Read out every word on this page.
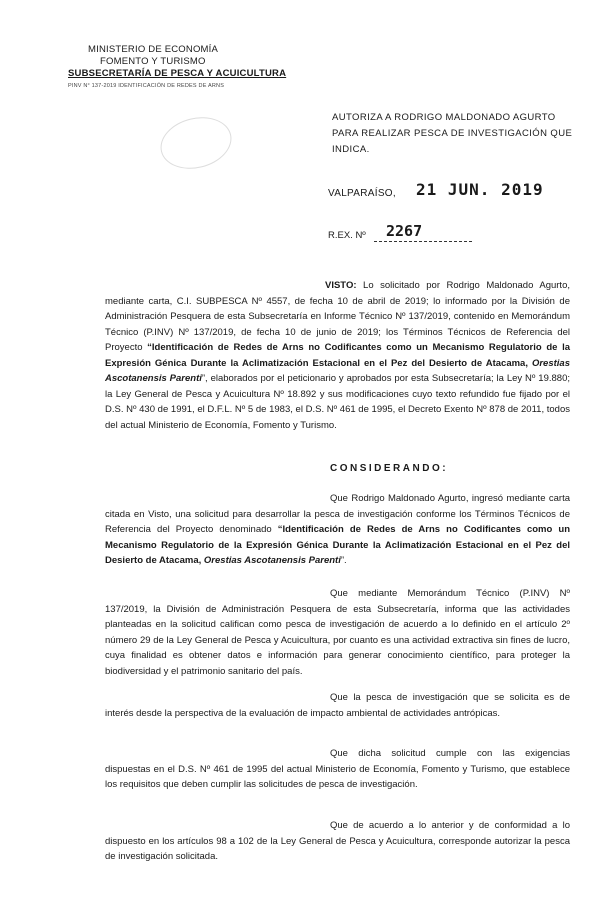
MINISTERIO DE ECONOMÍA
FOMENTO Y TURISMO
SUBSECRETARÍA DE PESCA Y ACUICULTURA
PINV N° 137-2019 IDENTIFICACIÓN DE REDES DE ARNS
AUTORIZA A RODRIGO MALDONADO AGURTO PARA REALIZAR PESCA DE INVESTIGACIÓN QUE INDICA.
VALPARAÍSO, 21 JUN. 2019
R.EX. Nº 2267
VISTO: Lo solicitado por Rodrigo Maldonado Agurto, mediante carta, C.I. SUBPESCA Nº 4557, de fecha 10 de abril de 2019; lo informado por la División de Administración Pesquera de esta Subsecretaría en Informe Técnico Nº 137/2019, contenido en Memorándum Técnico (P.INV) Nº 137/2019, de fecha 10 de junio de 2019; los Términos Técnicos de Referencia del Proyecto “Identificación de Redes de Arns no Codificantes como un Mecanismo Regulatorio de la Expresión Génica Durante la Aclimatización Estacional en el Pez del Desierto de Atacama, Orestias Ascotanensis Parenti”, elaborados por el peticionario y aprobados por esta Subsecretaría; la Ley Nº 19.880; la Ley General de Pesca y Acuicultura Nº 18.892 y sus modificaciones cuyo texto refundido fue fijado por el D.S. Nº 430 de 1991, el D.F.L. Nº 5 de 1983, el D.S. Nº 461 de 1995, el Decreto Exento Nº 878 de 2011, todos del actual Ministerio de Economía, Fomento y Turismo.
CONSIDERANDO:
Que Rodrigo Maldonado Agurto, ingresó mediante carta citada en Visto, una solicitud para desarrollar la pesca de investigación conforme los Términos Técnicos de Referencia del Proyecto denominado “Identificación de Redes de Arns no Codificantes como un Mecanismo Regulatorio de la Expresión Génica Durante la Aclimatización Estacional en el Pez del Desierto de Atacama, Orestias Ascotanensis Parenti”.
Que mediante Memorándum Técnico (P.INV) Nº 137/2019, la División de Administración Pesquera de esta Subsecretaría, informa que las actividades planteadas en la solicitud califican como pesca de investigación de acuerdo a lo definido en el artículo 2º número 29 de la Ley General de Pesca y Acuicultura, por cuanto es una actividad extractiva sin fines de lucro, cuya finalidad es obtener datos e información para generar conocimiento científico, para proteger la biodiversidad y el patrimonio sanitario del país.
Que la pesca de investigación que se solicita es de interés desde la perspectiva de la evaluación de impacto ambiental de actividades antrópicas.
Que dicha solicitud cumple con las exigencias dispuestas en el D.S. Nº 461 de 1995 del actual Ministerio de Economía, Fomento y Turismo, que establece los requisitos que deben cumplir las solicitudes de pesca de investigación.
Que de acuerdo a lo anterior y de conformidad a lo dispuesto en los artículos 98 a 102 de la Ley General de Pesca y Acuicultura, corresponde autorizar la pesca de investigación solicitada.
